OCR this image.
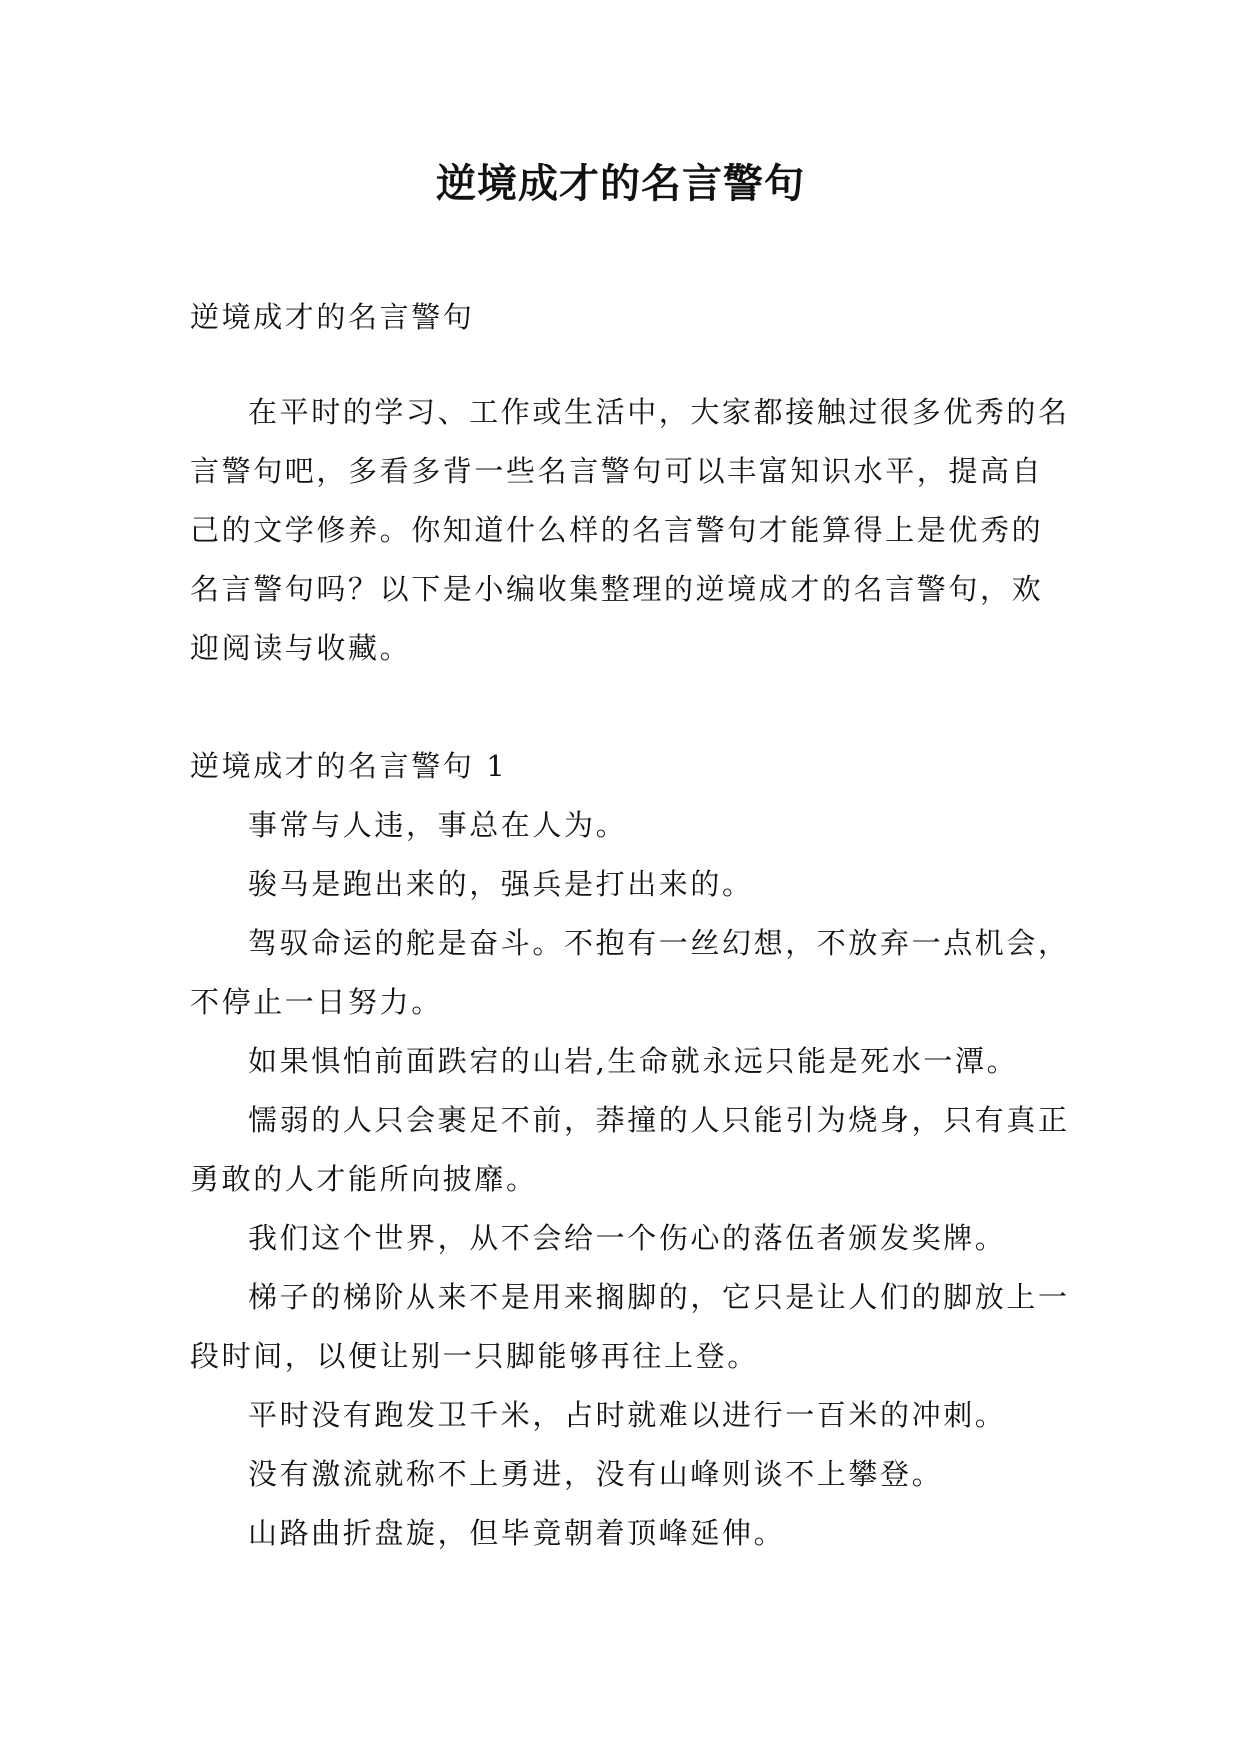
逆境成才的名言警句

逆境成才的名言警句

在平时的学习、工作或生活中，大家都接触过很多优秀的名言警句吧，多看多背一些名言警句可以丰富知识水平，提高自己的文学修养。你知道什么样的名言警句才能算得上是优秀的名言警句吗？以下是小编收集整理的逆境成才的名言警句，欢迎阅读与收藏。

逆境成才的名言警句 1

事常与人违，事总在人为。

骏马是跑出来的，强兵是打出来的。

驾驭命运的舵是奋斗。不抱有一丝幻想，不放弃一点机会，不停止一日努力。

如果惧怕前面跌宕的山岩,生命就永远只能是死水一潭。

懦弱的人只会裹足不前，莽撞的人只能引为烧身，只有真正勇敢的人才能所向披靡。

我们这个世界，从不会给一个伤心的落伍者颁发奖牌。

梯子的梯阶从来不是用来搁脚的，它只是让人们的脚放上一段时间，以便让别一只脚能够再往上登。

平时没有跑发卫千米，占时就难以进行一百米的冲刺。

没有激流就称不上勇进，没有山峰则谈不上攀登。

山路曲折盘旋，但毕竟朝着顶峰延伸。
